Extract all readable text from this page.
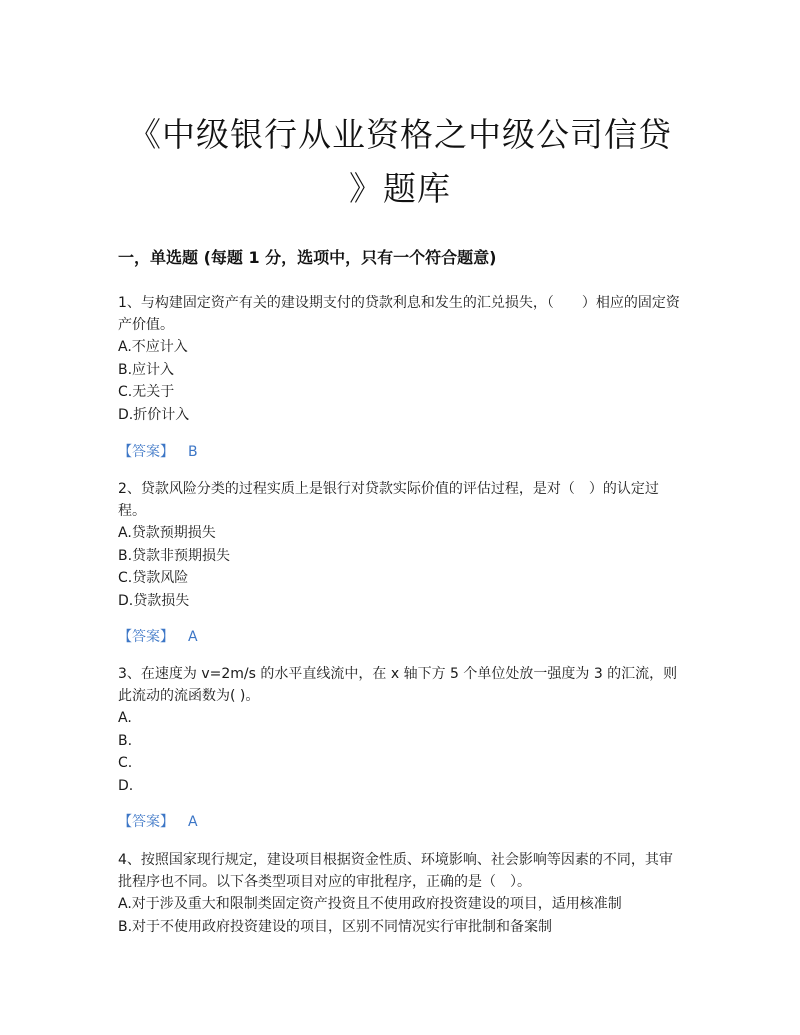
《中级银行从业资格之中级公司信贷
》题库
一，单选题 (每题 1 分，选项中，只有一个符合题意)

1、与构建固定资产有关的建设期支付的贷款利息和发生的汇兑损失，（　　）相应的固定资产价值。

A.不应计入

B.应计入

C.无关于

D.折价计入

【答案】 B

2、贷款风险分类的过程实质上是银行对贷款实际价值的评估过程，是对（　）的认定过程。

A.贷款预期损失

B.贷款非预期损失

C.贷款风险

D.贷款损失

【答案】 A

3、在速度为 v=2m/s 的水平直线流中，在 x 轴下方 5 个单位处放一强度为 3 的汇流，则此流动的流函数为( )。

A.

B.

C.

D.

【答案】 A

4、按照国家现行规定，建设项目根据资金性质、环境影响、社会影响等因素的不同，其审批程序也不同。以下各类型项目对应的审批程序，正确的是（　）。

A.对于涉及重大和限制类固定资产投资且不使用政府投资建设的项目，适用核准制

B.对于不使用政府投资建设的项目，区别不同情况实行审批制和备案制
